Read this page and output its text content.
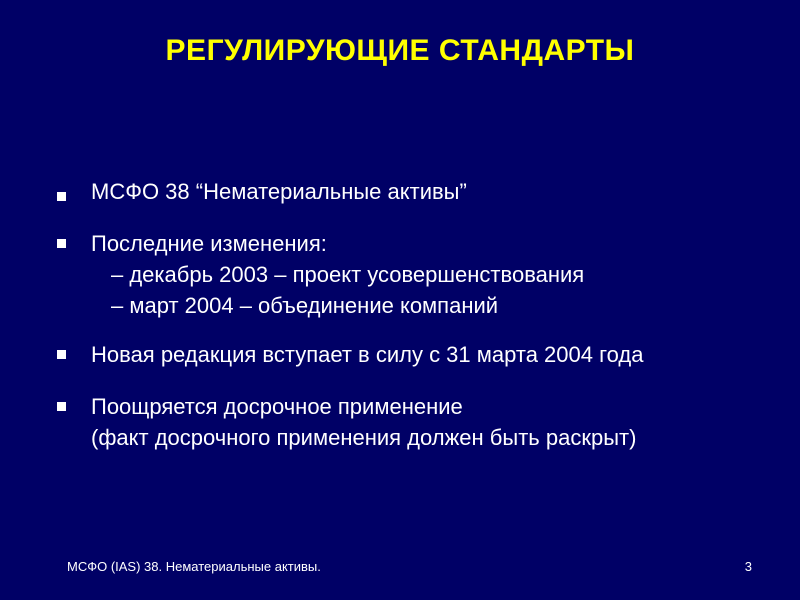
РЕГУЛИРУЮЩИЕ СТАНДАРТЫ
МСФО 38 “Нематериальные активы”
Последние изменения:
– декабрь 2003 – проект усовершенствования
– март 2004 – объединение компаний
Новая редакция вступает в силу с 31 марта 2004 года
Поощряется досрочное применение
(факт досрочного применения должен быть раскрыт)
МСФО (IAS) 38. Нематериальные активы.	3
